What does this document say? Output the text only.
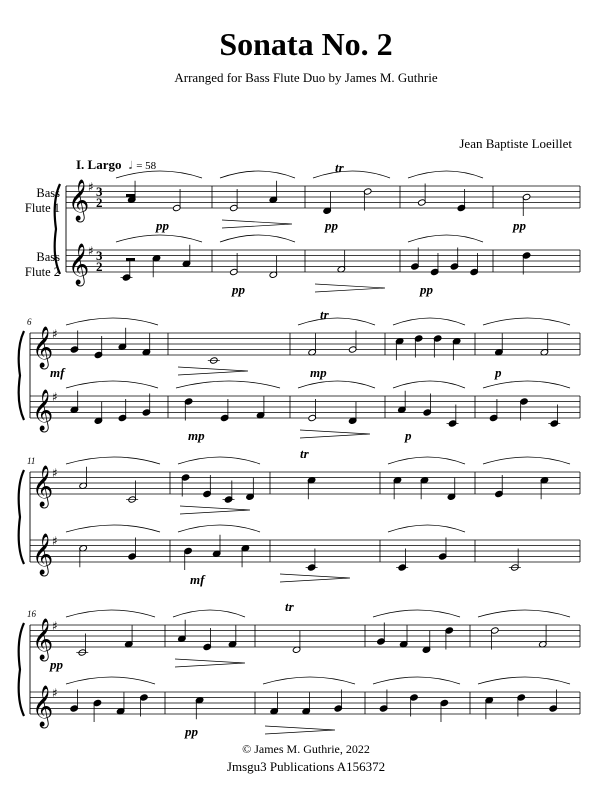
Sonata No. 2
Arranged for Bass Flute Duo by James M. Guthrie
Jean Baptiste Loeillet
I. Largo 𝅗𝅥 = 58
Bass
Flute 1
Bass
Flute 2
𝄞
♯
𝄞
♯
3
2
3
2
pp	pp	pp
pp	pp
tr
𝄞
♯
𝄞
♯
6
mf	mp	p
mp	p
tr
𝄞
♯
𝄞
♯
11
mf
tr
𝄞
♯
𝄞
♯
16
pp
pp
tr
© James M. Guthrie, 2022
Jmsgu3 Publications A156372
